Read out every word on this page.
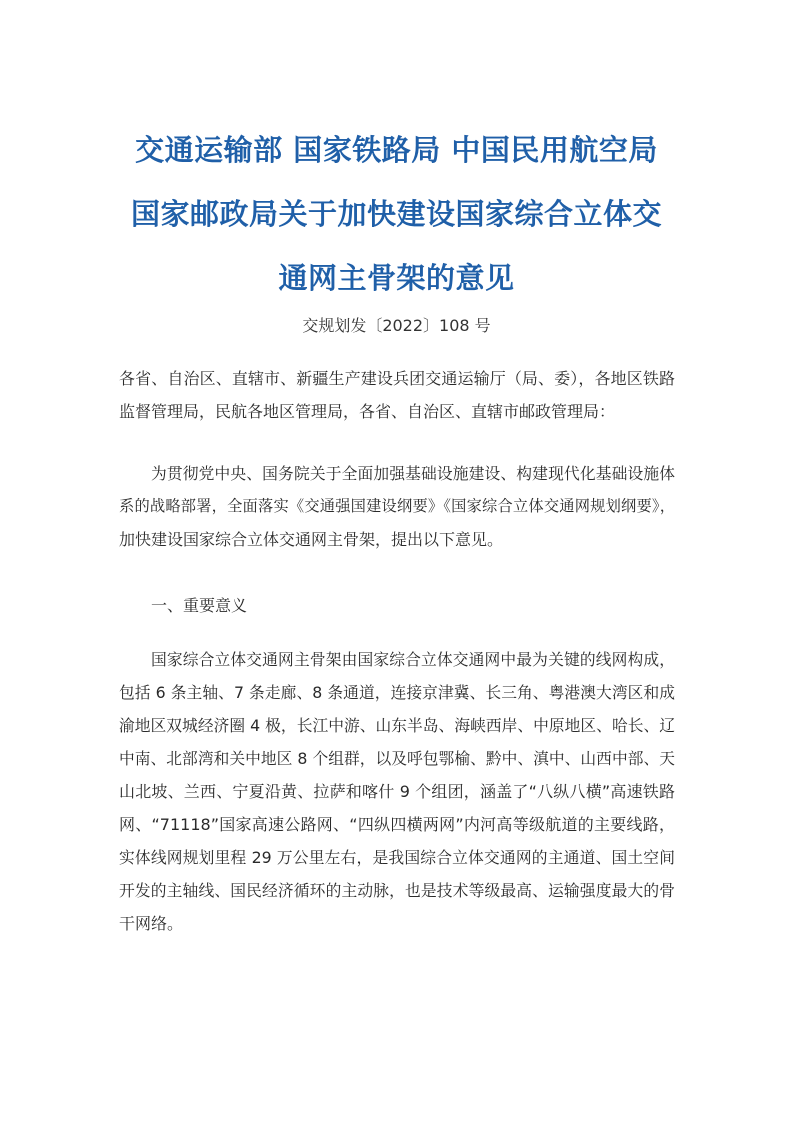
交通运输部 国家铁路局 中国民用航空局
国家邮政局关于加快建设国家综合立体交
通网主骨架的意见
交规划发〔2022〕108 号
各省、自治区、直辖市、新疆生产建设兵团交通运输厅（局、委），各地区铁路
监督管理局，民航各地区管理局，各省、自治区、直辖市邮政管理局：
为贯彻党中央、国务院关于全面加强基础设施建设、构建现代化基础设施体
系的战略部署，全面落实《交通强国建设纲要》《国家综合立体交通网规划纲要》，
加快建设国家综合立体交通网主骨架，提出以下意见。
一、重要意义
国家综合立体交通网主骨架由国家综合立体交通网中最为关键的线网构成，
包括 6 条主轴、7 条走廊、8 条通道，连接京津冀、长三角、粤港澳大湾区和成
渝地区双城经济圈 4 极，长江中游、山东半岛、海峡西岸、中原地区、哈长、辽
中南、北部湾和关中地区 8 个组群，以及呼包鄂榆、黔中、滇中、山西中部、天
山北坡、兰西、宁夏沿黄、拉萨和喀什 9 个组团，涵盖了“八纵八横”高速铁路
网、“71118”国家高速公路网、“四纵四横两网”内河高等级航道的主要线路，
实体线网规划里程 29 万公里左右，是我国综合立体交通网的主通道、国土空间
开发的主轴线、国民经济循环的主动脉，也是技术等级最高、运输强度最大的骨
干网络。
